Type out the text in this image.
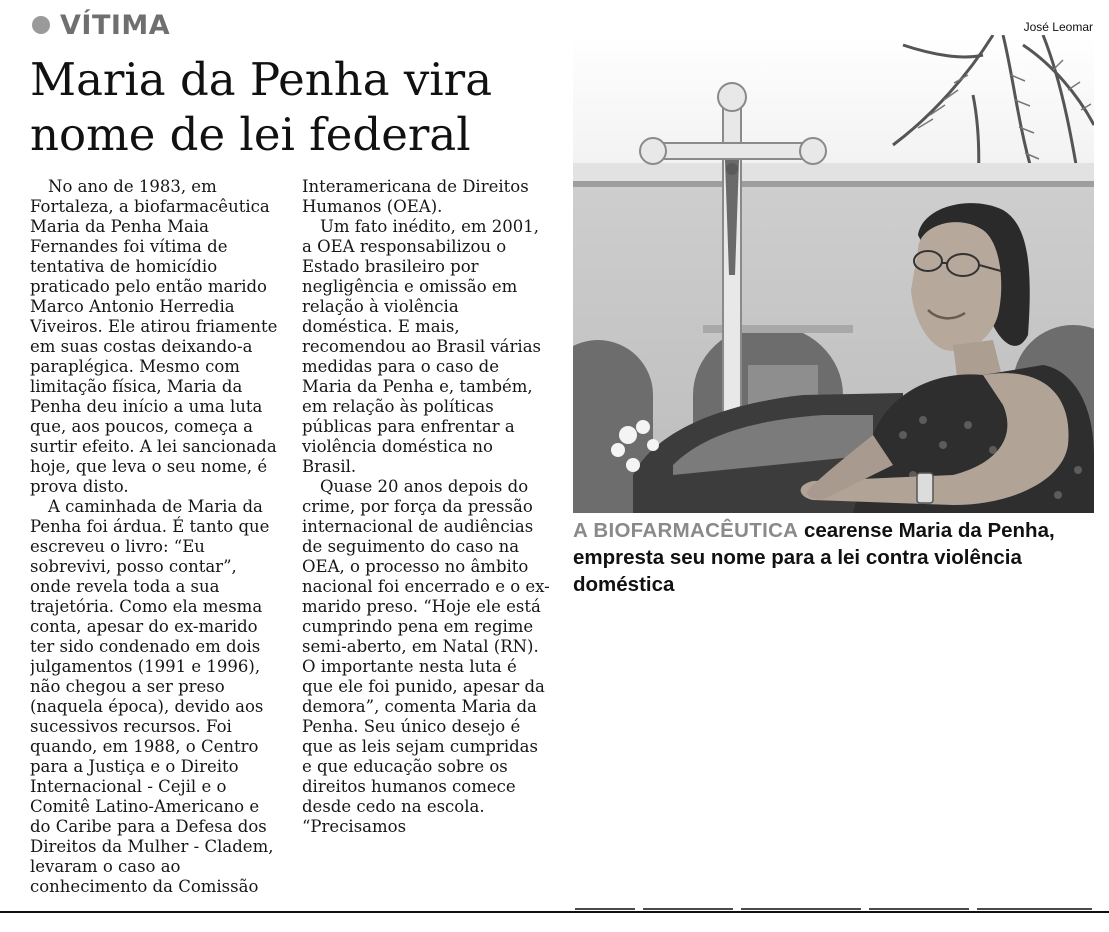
VÍTIMA
Maria da Penha vira nome de lei federal

No ano de 1983, em Fortaleza, a biofarmacêutica Maria da Penha Maia Fernandes foi vítima de tentativa de homicídio praticado pelo então marido Marco Antonio Herredia Viveiros. Ele atirou friamente em suas costas deixando-a paraplégica. Mesmo com limitação física, Maria da Penha deu início a uma luta que, aos poucos, começa a surtir efeito. A lei sancionada hoje, que leva o seu nome, é prova disto.

A caminhada de Maria da Penha foi árdua. É tanto que escreveu o livro: “Eu sobrevivi, posso contar”, onde revela toda a sua trajetória. Como ela mesma conta, apesar do ex-marido ter sido condenado em dois julgamentos (1991 e 1996), não chegou a ser preso (naquela época), devido aos sucessivos recursos. Foi quando, em 1988, o Centro para a Justiça e o Direito Internacional - Cejil e o Comitê Latino-Americano e do Caribe para a Defesa dos Direitos da Mulher - Cladem, levaram o caso ao conhecimento da Comissão Interamericana de Direitos Humanos (OEA).

Um fato inédito, em 2001, a OEA responsabilizou o Estado brasileiro por negligência e omissão em relação à violência doméstica. E mais, recomendou ao Brasil várias medidas para o caso de Maria da Penha e, também, em relação às políticas públicas para enfrentar a violência doméstica no Brasil.

Quase 20 anos depois do crime, por força da pressão internacional de audiências de seguimento do caso na OEA, o processo no âmbito nacional foi encerrado e o ex-marido preso. “Hoje ele está cumprindo pena em regime semi-aberto, em Natal (RN). O importante nesta luta é que ele foi punido, apesar da demora”, comenta Maria da Penha. Seu único desejo é que as leis sejam cumpridas e que educação sobre os direitos humanos comece desde cedo na escola. “Precisamos

José Leomar

A BIOFARMACÊUTICA cearense Maria da Penha, empresta seu nome para a lei contra violência doméstica
